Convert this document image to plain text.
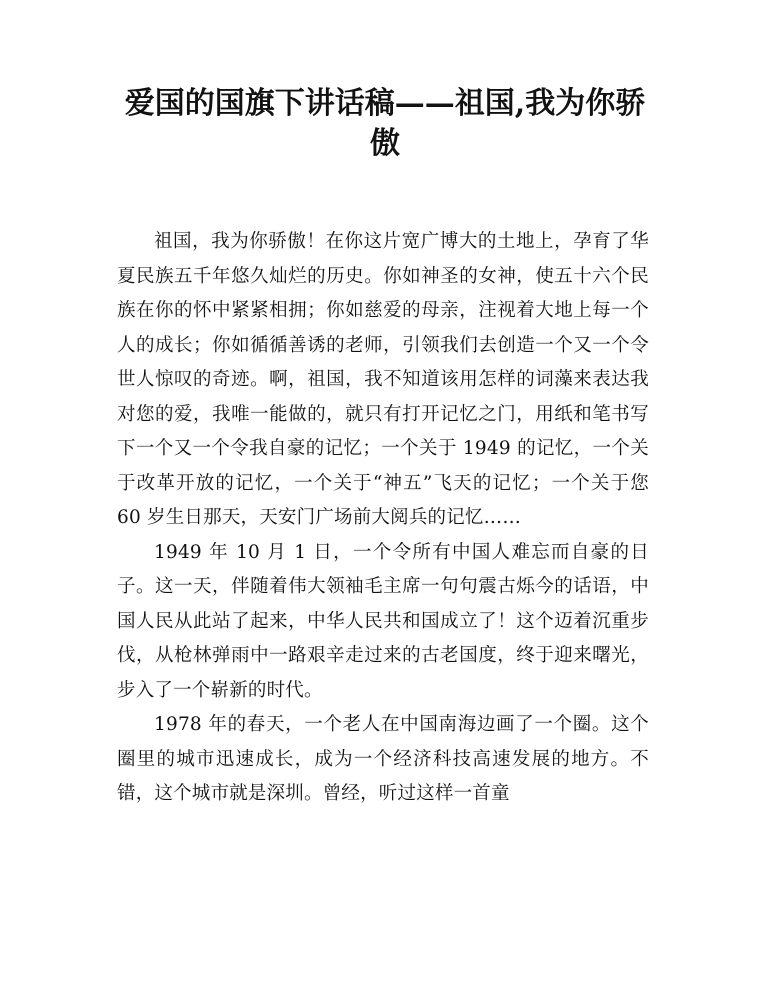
爱国的国旗下讲话稿——祖国,我为你骄傲

祖国，我为你骄傲！在你这片宽广博大的土地上，孕育了华夏民族五千年悠久灿烂的历史。你如神圣的女神，使五十六个民族在你的怀中紧紧相拥；你如慈爱的母亲，注视着大地上每一个人的成长；你如循循善诱的老师，引领我们去创造一个又一个令世人惊叹的奇迹。啊，祖国，我不知道该用怎样的词藻来表达我对您的爱，我唯一能做的，就只有打开记忆之门，用纸和笔书写下一个又一个令我自豪的记忆；一个关于 1949 的记忆，一个关于改革开放的记忆，一个关于“神五”飞天的记忆；一个关于您 60 岁生日那天，天安门广场前大阅兵的记忆……

1949 年 10 月 1 日，一个令所有中国人难忘而自豪的日子。这一天，伴随着伟大领袖毛主席一句句震古烁今的话语，中国人民从此站了起来，中华人民共和国成立了！这个迈着沉重步伐，从枪林弹雨中一路艰辛走过来的古老国度，终于迎来曙光，步入了一个崭新的时代。

1978 年的春天，一个老人在中国南海边画了一个圈。这个圈里的城市迅速成长，成为一个经济科技高速发展的地方。不错，这个城市就是深圳。曾经，听过这样一首童
